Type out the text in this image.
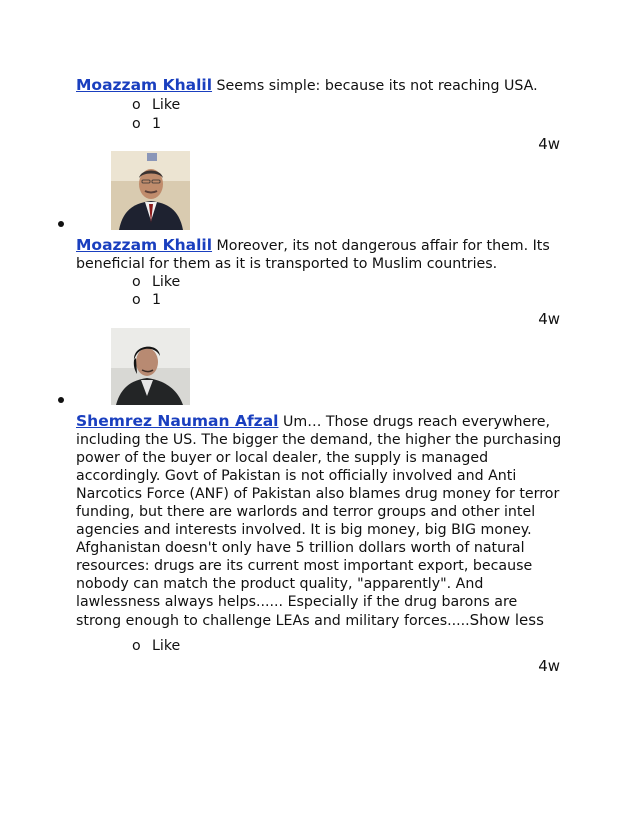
Moazzam Khalil Seems simple: because its not reaching USA.
o Like
o 1
4w
Moazzam Khalil Moreover, its not dangerous affair for them. Its beneficial for them as it is transported to Muslim countries.
o Like
o 1
4w
Shemrez Nauman Afzal Um… Those drugs reach everywhere, including the US. The bigger the demand, the higher the purchasing power of the buyer or local dealer, the supply is managed accordingly. Govt of Pakistan is not officially involved and Anti Narcotics Force (ANF) of Pakistan also blames drug money for terror funding, but there are warlords and terror groups and other intel agencies and interests involved. It is big money, big BIG money. Afghanistan doesn't only have 5 trillion dollars worth of natural resources: drugs are its current most important export, because nobody can match the product quality, "apparently". And lawlessness always helps...... Especially if the drug barons are strong enough to challenge LEAs and military forces.....Show less
o Like
4w
